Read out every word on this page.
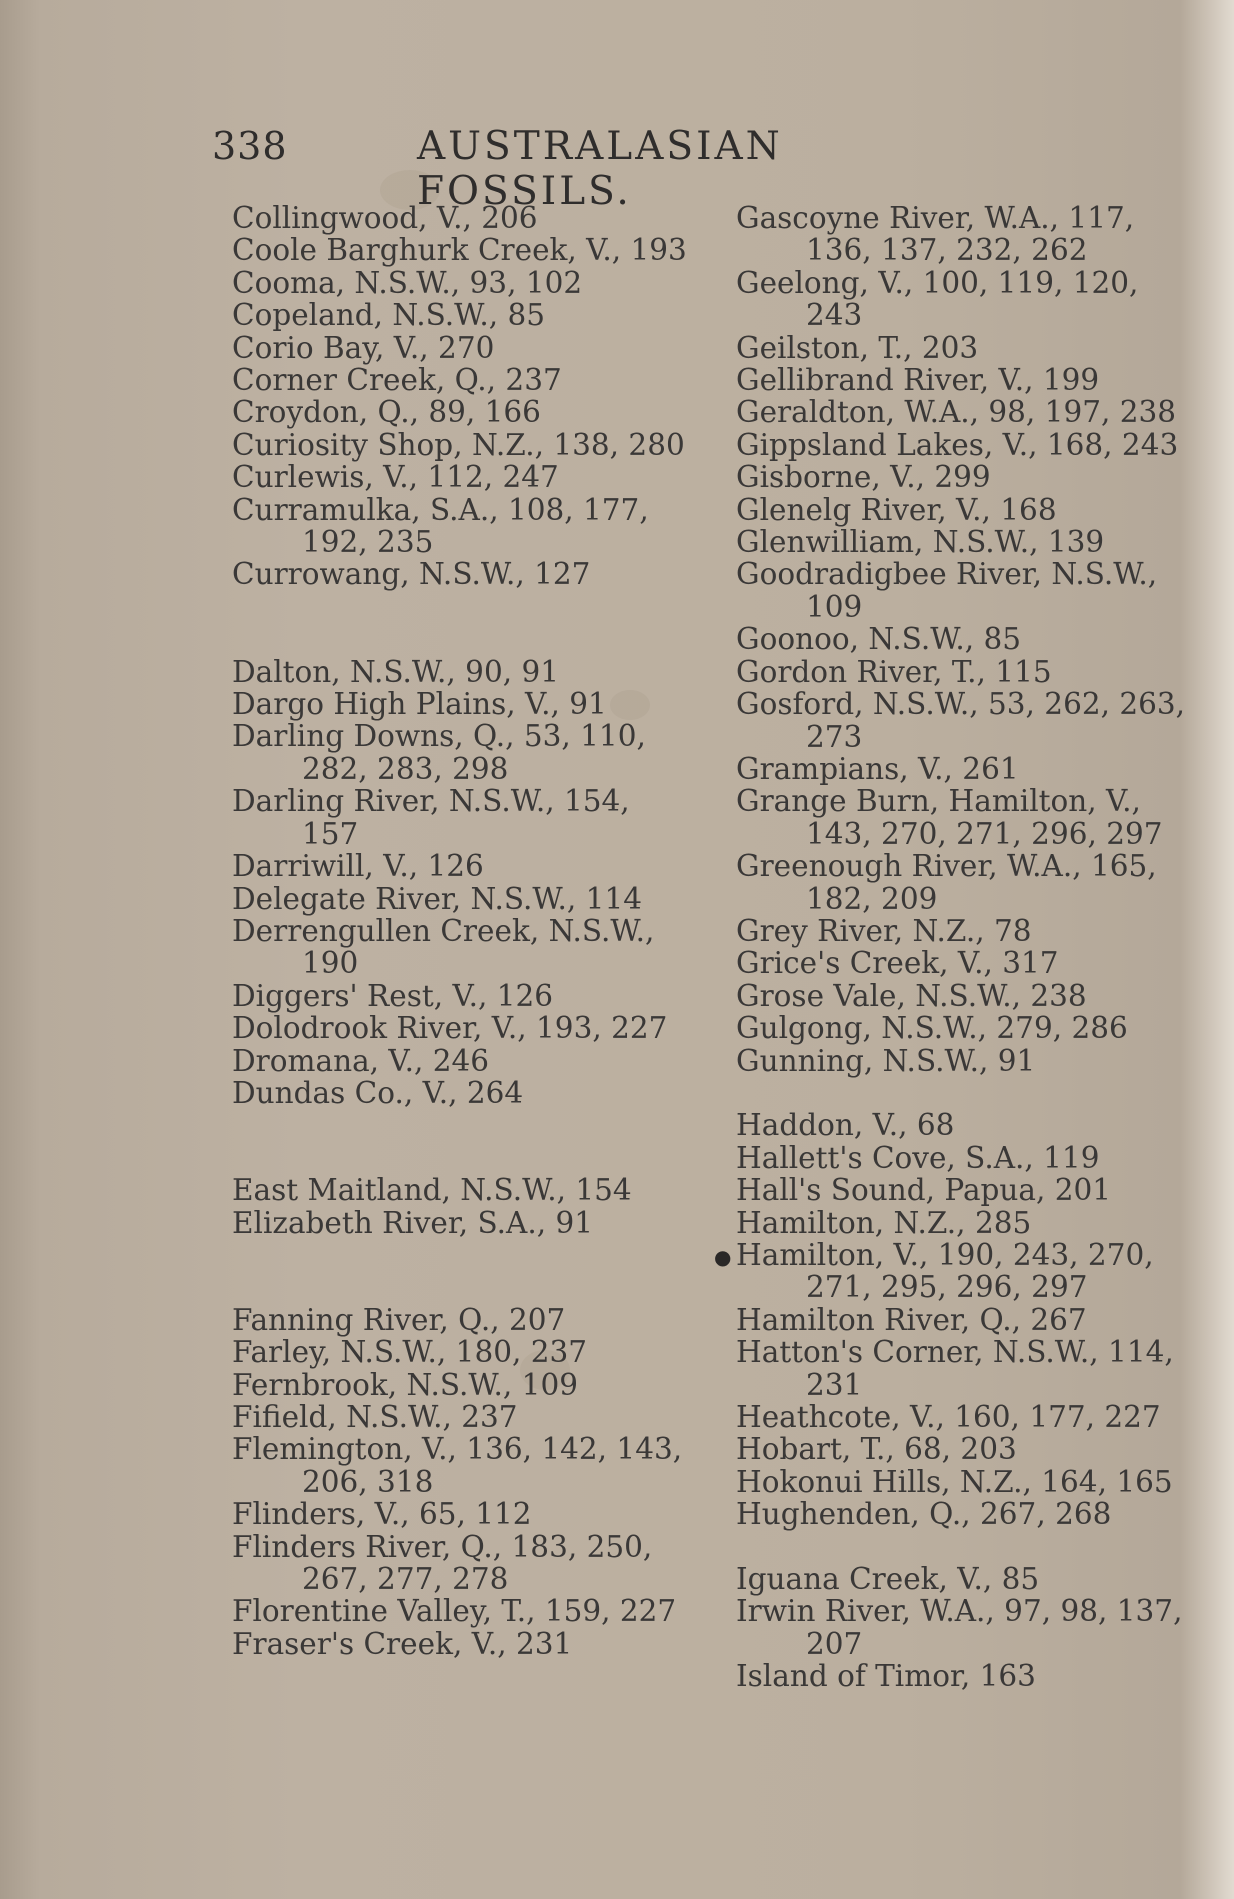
338	AUSTRALASIAN FOSSILS.
Collingwood, V., 206
Coole Barghurk Creek, V., 193
Cooma, N.S.W., 93, 102
Copeland, N.S.W., 85
Corio Bay, V., 270
Corner Creek, Q., 237
Croydon, Q., 89, 166
Curiosity Shop, N.Z., 138, 280
Curlewis, V., 112, 247
Curramulka, S.A., 108, 177, 192, 235
Currowang, N.S.W., 127
Dalton, N.S.W., 90, 91
Dargo High Plains, V., 91
Darling Downs, Q., 53, 110, 282, 283, 298
Darling River, N.S.W., 154, 157
Darriwill, V., 126
Delegate River, N.S.W., 114
Derrengullen Creek, N.S.W., 190
Diggers' Rest, V., 126
Dolodrook River, V., 193, 227
Dromana, V., 246
Dundas Co., V., 264
East Maitland, N.S.W., 154
Elizabeth River, S.A., 91
Fanning River, Q., 207
Farley, N.S.W., 180, 237
Fernbrook, N.S.W., 109
Fifield, N.S.W., 237
Flemington, V., 136, 142, 143, 206, 318
Flinders, V., 65, 112
Flinders River, Q., 183, 250, 267, 277, 278
Florentine Valley, T., 159, 227
Fraser's Creek, V., 231
●
Gascoyne River, W.A., 117, 136, 137, 232, 262
Geelong, V., 100, 119, 120, 243
Geilston, T., 203
Gellibrand River, V., 199
Geraldton, W.A., 98, 197, 238
Gippsland Lakes, V., 168, 243
Gisborne, V., 299
Glenelg River, V., 168
Glenwilliam, N.S.W., 139
Goodradigbee River, N.S.W., 109
Goonoo, N.S.W., 85
Gordon River, T., 115
Gosford, N.S.W., 53, 262, 263, 273
Grampians, V., 261
Grange Burn, Hamilton, V., 143, 270, 271, 296, 297
Greenough River, W.A., 165, 182, 209
Grey River, N.Z., 78
Grice's Creek, V., 317
Grose Vale, N.S.W., 238
Gulgong, N.S.W., 279, 286
Gunning, N.S.W., 91
Haddon, V., 68
Hallett's Cove, S.A., 119
Hall's Sound, Papua, 201
Hamilton, N.Z., 285
Hamilton, V., 190, 243, 270, 271, 295, 296, 297
Hamilton River, Q., 267
Hatton's Corner, N.S.W., 114, 231
Heathcote, V., 160, 177, 227
Hobart, T., 68, 203
Hokonui Hills, N.Z., 164, 165
Hughenden, Q., 267, 268
Iguana Creek, V., 85
Irwin River, W.A., 97, 98, 137, 207
Island of Timor, 163
